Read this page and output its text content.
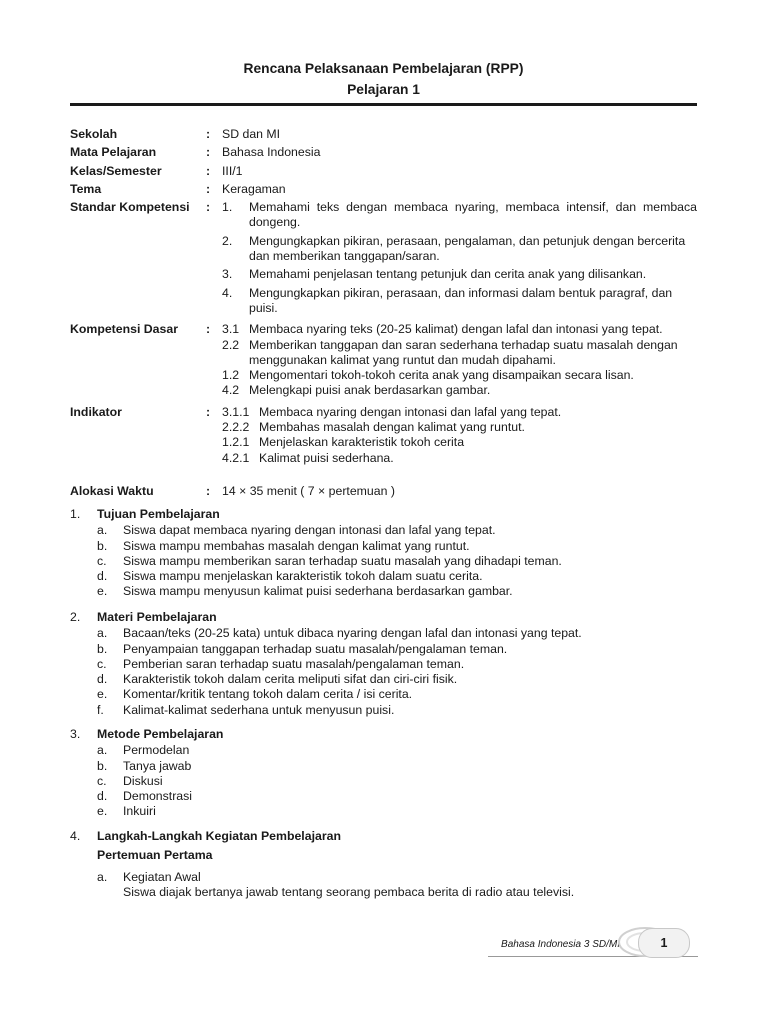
Rencana Pelaksanaan Pembelajaran (RPP)
Pelajaran 1
Sekolah	: SD dan MI
Mata Pelajaran	: Bahasa Indonesia
Kelas/Semester	: III/1
Tema	: Keragaman
Standar Kompetensi	: 1.	Memahami teks dengan membaca nyaring, membaca intensif, dan membaca dongeng.
2.	Mengungkapkan pikiran, perasaan, pengalaman, dan petunjuk dengan bercerita dan memberikan tanggapan/saran.
3.	Memahami penjelasan tentang petunjuk dan cerita anak yang dilisankan.
4.	Mengungkapkan pikiran, perasaan, dan informasi dalam bentuk paragraf, dan puisi.
Kompetensi Dasar	: 3.1 Membaca nyaring teks (20-25 kalimat) dengan lafal dan intonasi yang tepat.
2.2 Memberikan tanggapan dan saran sederhana terhadap suatu masalah dengan menggunakan kalimat yang runtut dan mudah dipahami.
1.2 Mengomentari tokoh-tokoh cerita anak yang disampaikan secara lisan.
4.2 Melengkapi puisi anak berdasarkan gambar.
Indikator	: 3.1.1 Membaca nyaring dengan intonasi dan lafal yang tepat.
2.2.2 Membahas masalah dengan kalimat yang runtut.
1.2.1 Menjelaskan karakteristik tokoh cerita
4.2.1 Kalimat puisi sederhana.
Alokasi Waktu	: 14 × 35 menit ( 7 × pertemuan )
1.	Tujuan Pembelajaran
a.	Siswa dapat membaca nyaring dengan intonasi dan lafal yang tepat.
b.	Siswa mampu membahas masalah dengan kalimat yang runtut.
c.	Siswa mampu memberikan saran terhadap suatu masalah yang dihadapi teman.
d.	Siswa mampu menjelaskan karakteristik tokoh dalam suatu cerita.
e.	Siswa mampu menyusun kalimat puisi sederhana berdasarkan gambar.
2.	Materi Pembelajaran
a.	Bacaan/teks (20-25 kata) untuk dibaca nyaring dengan lafal dan intonasi yang tepat.
b.	Penyampaian tanggapan terhadap suatu masalah/pengalaman teman.
c.	Pemberian saran terhadap suatu masalah/pengalaman teman.
d.	Karakteristik tokoh dalam cerita meliputi sifat dan ciri-ciri fisik.
e.	Komentar/kritik tentang tokoh dalam cerita / isi cerita.
f.	Kalimat-kalimat sederhana untuk menyusun puisi.
3.	Metode Pembelajaran
a.	Permodelan
b.	Tanya jawab
c.	Diskusi
d.	Demonstrasi
e.	Inkuiri
4.	Langkah-Langkah Kegiatan Pembelajaran
Pertemuan Pertama
a.	Kegiatan Awal
Siswa diajak bertanya jawab tentang seorang pembaca berita di radio atau televisi.
Bahasa Indonesia 3 SD/MI	1
